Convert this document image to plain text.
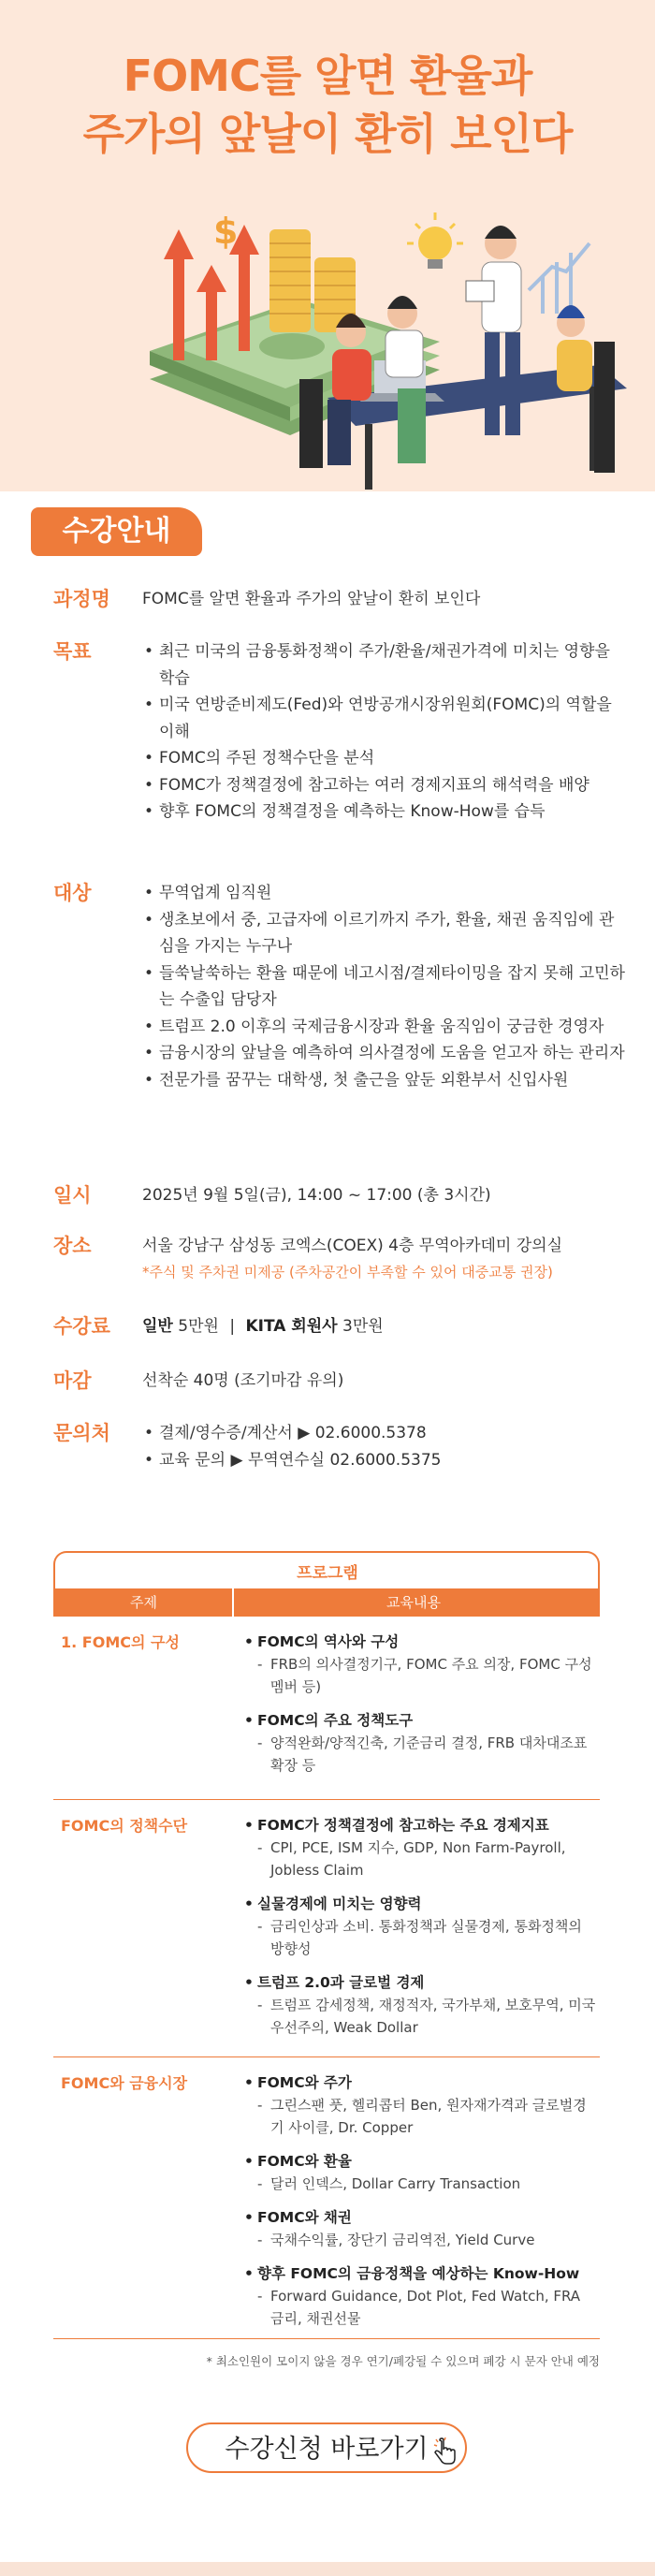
FOMC를 알면 환율과
주가의 앞날이 환히 보인다
$
수강안내
과정명 FOMC를 알면 환율과 주가의 앞날이 환히 보인다
목표	• 최근 미국의 금융통화정책이 주가/환율/채권가격에 미치는 영향을 학습
• 미국 연방준비제도(Fed)와 연방공개시장위원회(FOMC)의 역할을 이해
• FOMC의 주된 정책수단을 분석
• FOMC가 정책결정에 참고하는 여러 경제지표의 해석력을 배양
• 향후 FOMC의 정책결정을 예측하는 Know-How를 습득
대상	• 무역업계 임직원
• 생초보에서 중, 고급자에 이르기까지 주가, 환율, 채권 움직임에 관심을 가지는 누구나
• 들쑥날쑥하는 환율 때문에 네고시점/결제타이밍을 잡지 못해 고민하는 수출입 담당자
• 트럼프 2.0 이후의 국제금융시장과 환율 움직임이 궁금한 경영자
• 금융시장의 앞날을 예측하여 의사결정에 도움을 얻고자 하는 관리자
• 전문가를 꿈꾸는 대학생, 첫 출근을 앞둔 외환부서 신입사원
일시	2025년 9월 5일(금), 14:00 ~ 17:00 (총 3시간)
장소	서울 강남구 삼성동 코엑스(COEX) 4층 무역아카데미 강의실
*주식 및 주차권 미제공 (주차공간이 부족할 수 있어 대중교통 권장)
수강료 일반 5만원 | KITA 회원사 3만원
마감	선착순 40명 (조기마감 유의)
문의처	• 결제/영수증/계산서 ▶ 02.6000.5378
• 교육 문의 ▶ 무역연수실 02.6000.5375
프로그램
주제	교육내용
1. FOMC의 구성	• FOMC의 역사와 구성
- FRB의 의사결정기구, FOMC 주요 의장, FOMC 구성 멤버 등)
• FOMC의 주요 정책도구
- 양적완화/양적긴축, 기준금리 결정, FRB 대차대조표 확장 등
FOMC의 정책수단	• FOMC가 정책결정에 참고하는 주요 경제지표
- CPI, PCE, ISM 지수, GDP, Non Farm-Payroll, Jobless Claim
• 실물경제에 미치는 영향력
- 금리인상과 소비. 통화정책과 실물경제, 통화정책의 방향성
• 트럼프 2.0과 글로벌 경제
- 트럼프 감세정책, 재정적자, 국가부채, 보호무역, 미국 우선주의, Weak Dollar
FOMC와 금융시장	• FOMC와 주가
- 그린스팬 풋, 헬리콥터 Ben, 원자재가격과 글로벌경기 사이클, Dr. Copper
• FOMC와 환율
- 달러 인덱스, Dollar Carry Transaction
• FOMC와 채권
- 국채수익률, 장단기 금리역전, Yield Curve
• 향후 FOMC의 금융정책을 예상하는 Know-How
- Forward Guidance, Dot Plot, Fed Watch, FRA 금리, 채권선물
* 최소인원이 모이지 않을 경우 연기/폐강될 수 있으며 폐강 시 문자 안내 예정
수강신청 바로가기
